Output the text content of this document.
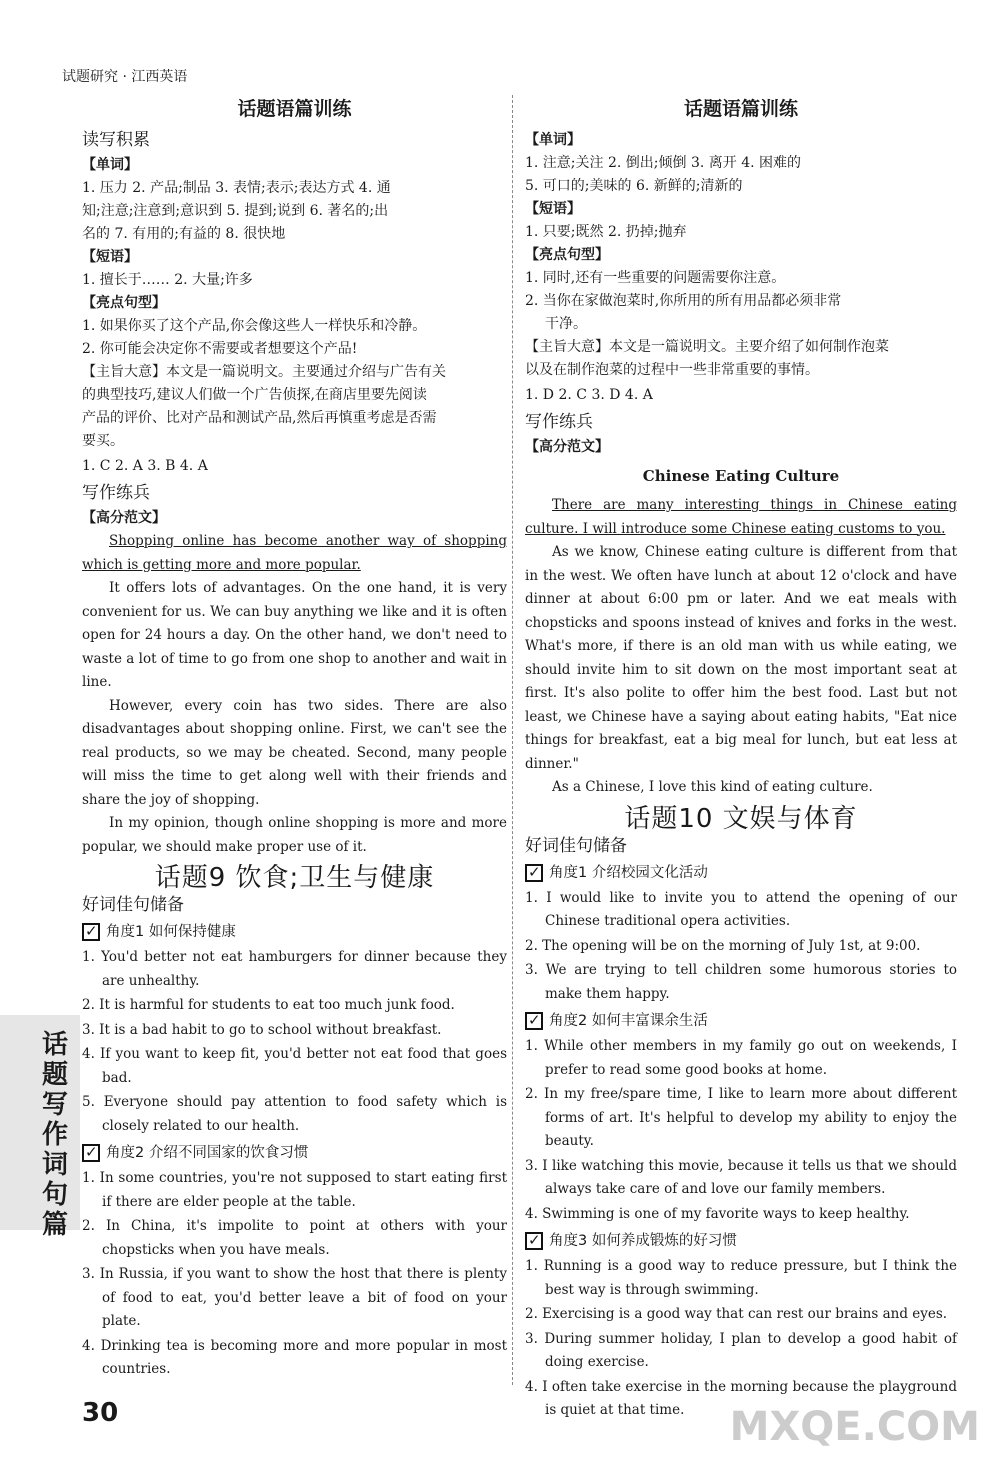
试题研究 · 江西英语
话题语篇训练
读写积累
【单词】

1. 压力 2. 产品;制品 3. 表情;表示;表达方式 4. 通

知;注意;注意到;意识到 5. 提到;说到 6. 著名的;出

名的 7. 有用的;有益的 8. 很快地

【短语】

1. 擅长于…… 2. 大量;许多

【亮点句型】

1. 如果你买了这个产品,你会像这些人一样快乐和冷静。

2. 你可能会决定你不需要或者想要这个产品!

【主旨大意】本文是一篇说明文。主要通过介绍与广告有关

的典型技巧,建议人们做一个广告侦探,在商店里要先阅读

产品的评价、比对产品和测试产品,然后再慎重考虑是否需

要买。

1. C 2. A 3. B 4. A

写作练兵
【高分范文】

Shopping online has become another way of shopping which is getting more and more popular.

It offers lots of advantages. On the one hand, it is very convenient for us. We can buy anything we like and it is often open for 24 hours a day. On the other hand, we don't need to waste a lot of time to go from one shop to another and wait in line.

However, every coin has two sides. There are also disadvantages about shopping online. First, we can't see the real products, so we may be cheated. Second, many people will miss the time to get along well with their friends and share the joy of shopping.

In my opinion, though online shopping is more and more popular, we should make proper use of it.

话题9 饮食;卫生与健康
好词佳句储备
✓角度1 如何保持健康

1. You'd better not eat hamburgers for dinner because they are unhealthy.

2. It is harmful for students to eat too much junk food.

3. It is a bad habit to go to school without breakfast.

4. If you want to keep fit, you'd better not eat food that goes bad.

5. Everyone should pay attention to food safety which is closely related to our health.

✓角度2 介绍不同国家的饮食习惯

1. In some countries, you're not supposed to start eating first if there are elder people at the table.

2. In China, it's impolite to point at others with your chopsticks when you have meals.

3. In Russia, if you want to show the host that there is plenty of food to eat, you'd better leave a bit of food on your plate.

4. Drinking tea is becoming more and more popular in most countries.

话题语篇训练
【单词】

1. 注意;关注 2. 倒出;倾倒 3. 离开 4. 困难的

5. 可口的;美味的 6. 新鲜的;清新的

【短语】

1. 只要;既然 2. 扔掉;抛弃

【亮点句型】

1. 同时,还有一些重要的问题需要你注意。

2. 当你在家做泡菜时,你所用的所有用品都必须非常

干净。

【主旨大意】本文是一篇说明文。主要介绍了如何制作泡菜

以及在制作泡菜的过程中一些非常重要的事情。

1. D 2. C 3. D 4. A

写作练兵
【高分范文】
Chinese Eating Culture

There are many interesting things in Chinese eating culture. I will introduce some Chinese eating customs to you.

As we know, Chinese eating culture is different from that in the west. We often have lunch at about 12 o'clock and have dinner at about 6:00 pm or later. And we eat meals with chopsticks and spoons instead of knives and forks in the west. What's more, if there is an old man with us while eating, we should invite him to sit down on the most important seat at first. It's also polite to offer him the best food. Last but not least, we Chinese have a saying about eating habits, "Eat nice things for breakfast, eat a big meal for lunch, but eat less at dinner."

As a Chinese, I love this kind of eating culture.

话题10 文娱与体育
好词佳句储备
✓角度1 介绍校园文化活动

1. I would like to invite you to attend the opening of our Chinese traditional opera activities.

2. The opening will be on the morning of July 1st, at 9:00.

3. We are trying to tell children some humorous stories to make them happy.

✓角度2 如何丰富课余生活

1. While other members in my family go out on weekends, I prefer to read some good books at home.

2. In my free/spare time, I like to learn more about different forms of art. It's helpful to develop my ability to enjoy the beauty.

3. I like watching this movie, because it tells us that we should always take care of and love our family members.

4. Swimming is one of my favorite ways to keep healthy.

✓角度3 如何养成锻炼的好习惯

1. Running is a good way to reduce pressure, but I think the best way is through swimming.

2. Exercising is a good way that can rest our brains and eyes.

3. During summer holiday, I plan to develop a good habit of doing exercise.

4. I often take exercise in the morning because the playground is quiet at that time.

话题写作词句篇
30	MXQE.COM
